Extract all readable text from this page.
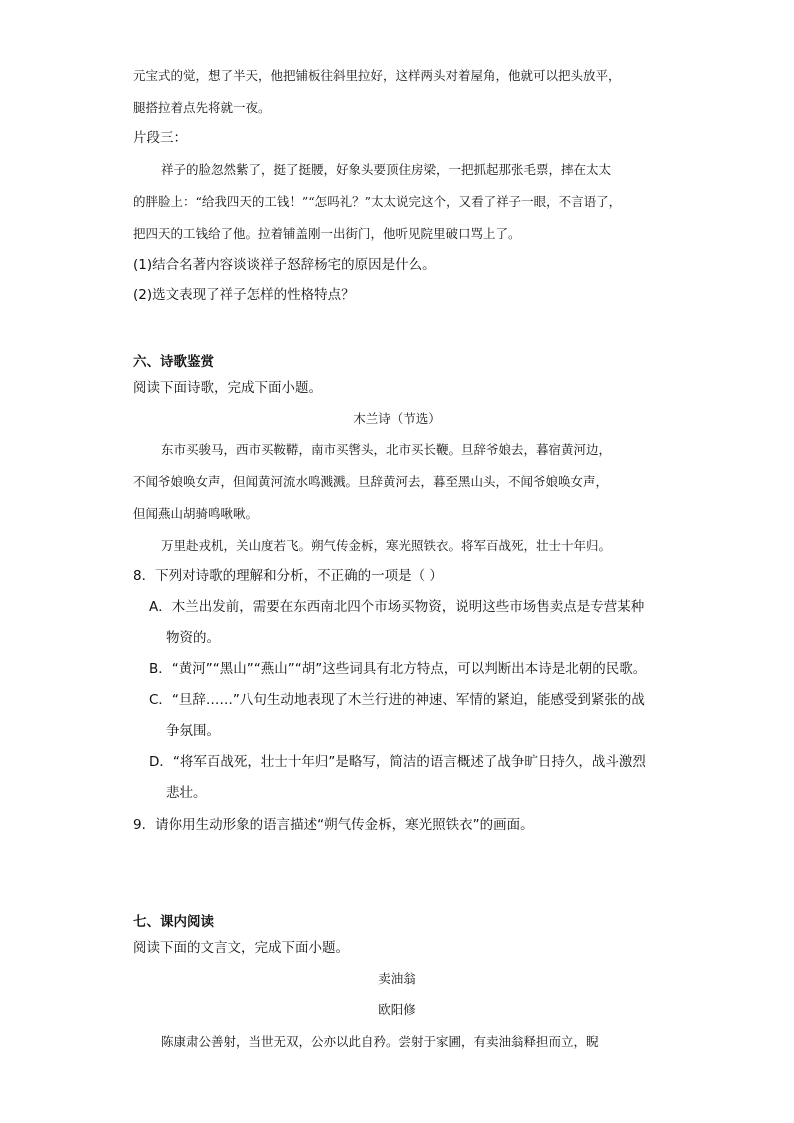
元宝式的觉，想了半天，他把铺板往斜里拉好，这样两头对着屋角，他就可以把头放平，
腿搭拉着点先将就一夜。
片段三：
祥子的脸忽然紫了，挺了挺腰，好象头要顶住房梁，一把抓起那张毛票，摔在太太
的胖脸上：“给我四天的工钱！”“怎吗礼？”太太说完这个，又看了祥子一眼，不言语了，
把四天的工钱给了他。拉着铺盖刚一出街门，他听见院里破口骂上了。
(1)结合名著内容谈谈祥子怒辞杨宅的原因是什么。
(2)选文表现了祥子怎样的性格特点？
六、诗歌鉴赏
阅读下面诗歌，完成下面小题。
木兰诗（节选）
东市买骏马，西市买鞍鞯，南市买辔头，北市买长鞭。旦辞爷娘去，暮宿黄河边，
不闻爷娘唤女声，但闻黄河流水鸣溅溅。旦辞黄河去，暮至黑山头，不闻爷娘唤女声，
但闻燕山胡骑鸣啾啾。
万里赴戎机，关山度若飞。朔气传金柝，寒光照铁衣。将军百战死，壮士十年归。
8．下列对诗歌的理解和分析，不正确的一项是（ ）
A．木兰出发前，需要在东西南北四个市场买物资，说明这些市场售卖点是专营某种
物资的。
B．“黄河”“黑山”“燕山”“胡”这些词具有北方特点，可以判断出本诗是北朝的民歌。
C．“旦辞……”八句生动地表现了木兰行进的神速、军情的紧迫，能感受到紧张的战
争氛围。
D．“将军百战死，壮士十年归”是略写，简洁的语言概述了战争旷日持久，战斗激烈
悲壮。
9．请你用生动形象的语言描述“朔气传金柝，寒光照铁衣”的画面。
七、课内阅读
阅读下面的文言文，完成下面小题。
卖油翁
欧阳修
陈康肃公善射，当世无双，公亦以此自矜。尝射于家圃，有卖油翁释担而立，睨
